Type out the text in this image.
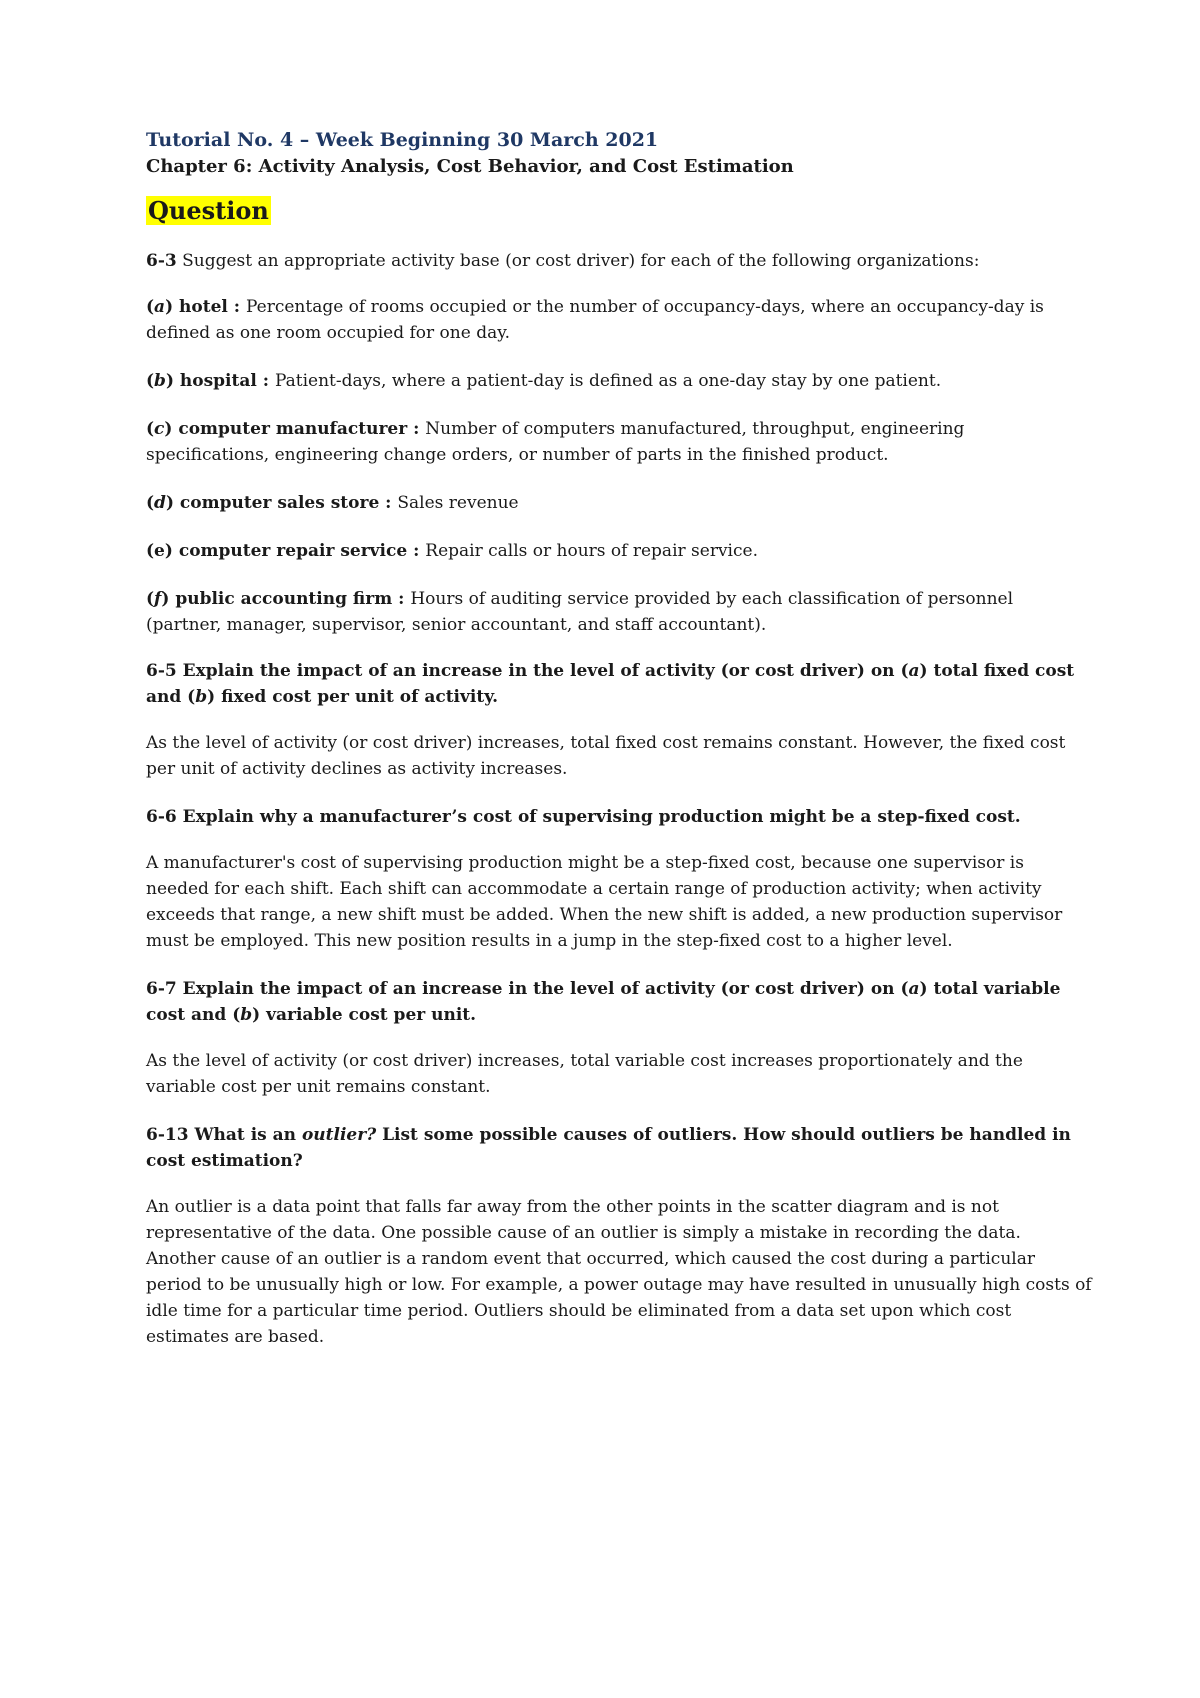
Tutorial No. 4 – Week Beginning 30 March 2021
Chapter 6: Activity Analysis, Cost Behavior, and Cost Estimation
Question

6-3 Suggest an appropriate activity base (or cost driver) for each of the following organizations:

(a) hotel : Percentage of rooms occupied or the number of occupancy-days, where an occupancy-day is defined as one room occupied for one day.

(b) hospital : Patient-days, where a patient-day is defined as a one-day stay by one patient.

(c) computer manufacturer : Number of computers manufactured, throughput, engineering specifications, engineering change orders, or number of parts in the finished product.

(d) computer sales store : Sales revenue

(e) computer repair service : Repair calls or hours of repair service.

(f) public accounting firm : Hours of auditing service provided by each classification of personnel (partner, manager, supervisor, senior accountant, and staff accountant).

6-5 Explain the impact of an increase in the level of activity (or cost driver) on (a) total fixed cost and (b) fixed cost per unit of activity.

As the level of activity (or cost driver) increases, total fixed cost remains constant. However, the fixed cost per unit of activity declines as activity increases.

6-6 Explain why a manufacturer’s cost of supervising production might be a step-fixed cost.

A manufacturer's cost of supervising production might be a step-fixed cost, because one supervisor is needed for each shift. Each shift can accommodate a certain range of production activity; when activity exceeds that range, a new shift must be added. When the new shift is added, a new production supervisor must be employed. This new position results in a jump in the step-fixed cost to a higher level.

6-7 Explain the impact of an increase in the level of activity (or cost driver) on (a) total variable cost and (b) variable cost per unit.

As the level of activity (or cost driver) increases, total variable cost increases proportionately and the variable cost per unit remains constant.

6-13 What is an outlier? List some possible causes of outliers. How should outliers be handled in cost estimation?

An outlier is a data point that falls far away from the other points in the scatter diagram and is not representative of the data. One possible cause of an outlier is simply a mistake in recording the data. Another cause of an outlier is a random event that occurred, which caused the cost during a particular period to be unusually high or low. For example, a power outage may have resulted in unusually high costs of idle time for a particular time period. Outliers should be eliminated from a data set upon which cost estimates are based.
